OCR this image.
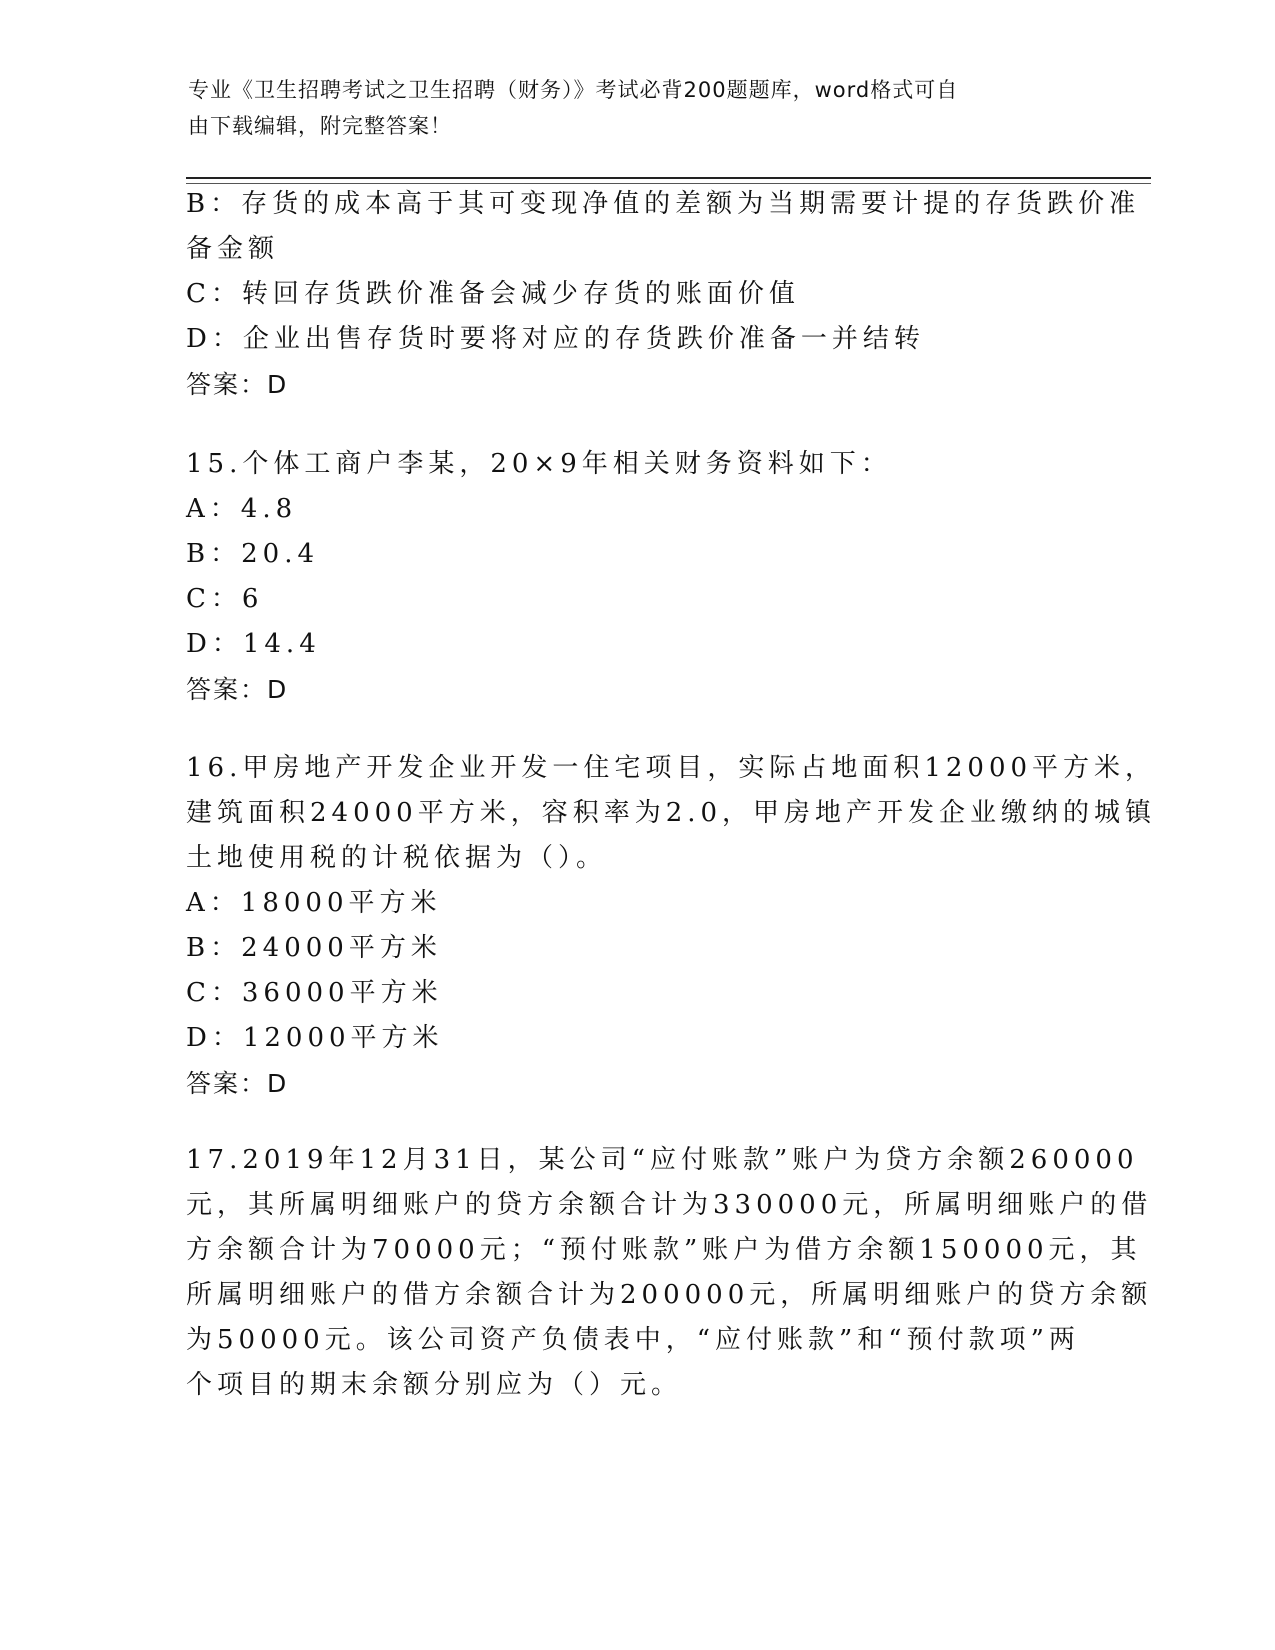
专业《卫生招聘考试之卫生招聘（财务）》考试必背200题题库，word格式可自
由下载编辑，附完整答案！
B：存货的成本高于其可变现净值的差额为当期需要计提的存货跌价准
备金额
C：转回存货跌价准备会减少存货的账面价值
D：企业出售存货时要将对应的存货跌价准备一并结转
答案：D
15.个体工商户李某，20×9年相关财务资料如下：
A：4.8
B：20.4
C：6
D：14.4
答案：D
16.甲房地产开发企业开发一住宅项目，实际占地面积12000平方米，
建筑面积24000平方米，容积率为2.0，甲房地产开发企业缴纳的城镇
土地使用税的计税依据为（）。
A：18000平方米
B：24000平方米
C：36000平方米
D：12000平方米
答案：D
17.2019年12月31日，某公司“应付账款”账户为贷方余额260000
元，其所属明细账户的贷方余额合计为330000元，所属明细账户的借
方余额合计为70000元；“预付账款”账户为借方余额150000元，其
所属明细账户的借方余额合计为200000元，所属明细账户的贷方余额
为50000元。该公司资产负债表中，“应付账款”和“预付款项”两
个项目的期末余额分别应为（）元。
